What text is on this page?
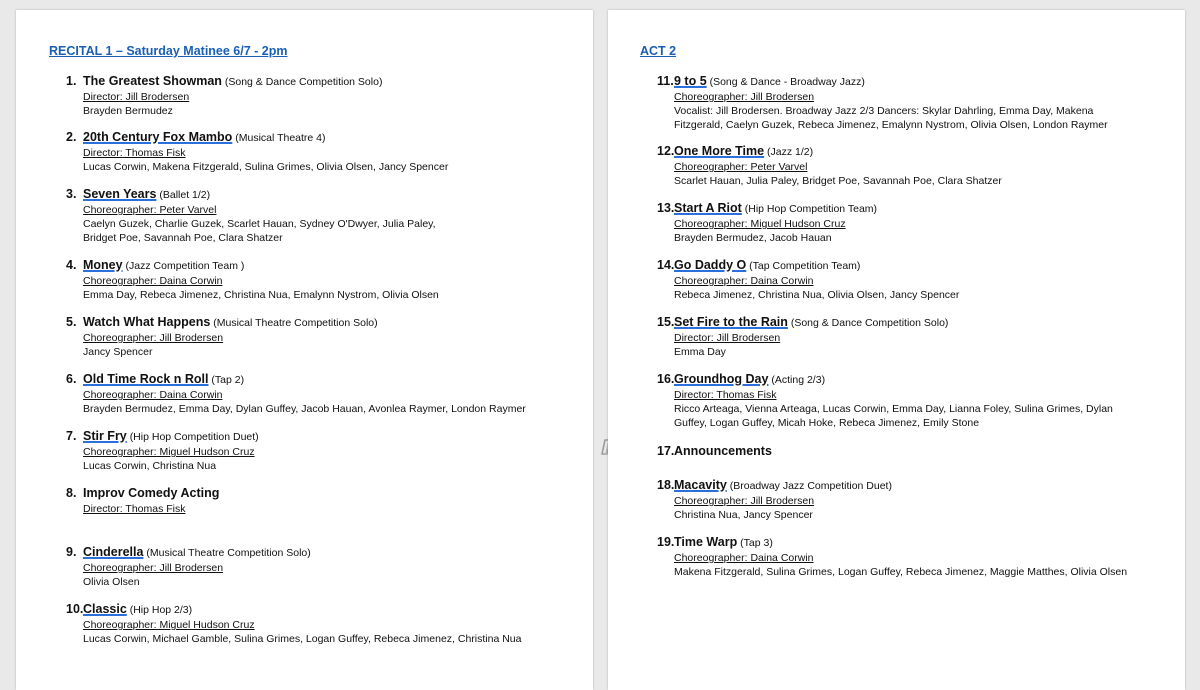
RECITAL 1 – Saturday Matinee 6/7 - 2pm
1. The Greatest Showman (Song & Dance Competition Solo)
Director: Jill Brodersen
Brayden Bermudez
2. 20th Century Fox Mambo (Musical Theatre 4)
Director: Thomas Fisk
Lucas Corwin, Makena Fitzgerald, Sulina Grimes, Olivia Olsen, Jancy Spencer
3. Seven Years (Ballet 1/2)
Choreographer: Peter Varvel
Caelyn Guzek, Charlie Guzek, Scarlet Hauan, Sydney O'Dwyer, Julia Paley,
Bridget Poe, Savannah Poe, Clara Shatzer
4. Money (Jazz Competition Team )
Choreographer: Daina Corwin
Emma Day, Rebeca Jimenez, Christina Nua, Emalynn Nystrom, Olivia Olsen
5. Watch What Happens (Musical Theatre Competition Solo)
Choreographer: Jill Brodersen
Jancy Spencer
6. Old Time Rock n Roll (Tap 2)
Choreographer: Daina Corwin
Brayden Bermudez, Emma Day, Dylan Guffey, Jacob Hauan, Avonlea Raymer, London Raymer
7. Stir Fry (Hip Hop Competition Duet)
Choreographer: Miguel Hudson Cruz
Lucas Corwin, Christina Nua
8. Improv Comedy Acting
Director: Thomas Fisk
9. Cinderella (Musical Theatre Competition Solo)
Choreographer: Jill Brodersen
Olivia Olsen
10. Classic (Hip Hop 2/3)
Choreographer: Miguel Hudson Cruz
Lucas Corwin, Michael Gamble, Sulina Grimes, Logan Guffey, Rebeca Jimenez, Christina Nua
ACT 2
11. 9 to 5 (Song & Dance - Broadway Jazz)
Choreographer: Jill Brodersen
Vocalist: Jill Brodersen. Broadway Jazz 2/3 Dancers: Skylar Dahrling, Emma Day, Makena
Fitzgerald, Caelyn Guzek, Rebeca Jimenez, Emalynn Nystrom, Olivia Olsen, London Raymer
12. One More Time (Jazz 1/2)
Choreographer: Peter Varvel
Scarlet Hauan, Julia Paley, Bridget Poe, Savannah Poe, Clara Shatzer
13. Start A Riot (Hip Hop Competition Team)
Choreographer: Miguel Hudson Cruz
Brayden Bermudez, Jacob Hauan
14. Go Daddy O (Tap Competition Team)
Choreographer: Daina Corwin
Rebeca Jimenez, Christina Nua, Olivia Olsen, Jancy Spencer
15. Set Fire to the Rain (Song & Dance Competition Solo)
Director: Jill Brodersen
Emma Day
16. Groundhog Day (Acting 2/3)
Director: Thomas Fisk
Ricco Arteaga, Vienna Arteaga, Lucas Corwin, Emma Day, Lianna Foley, Sulina Grimes, Dylan
Guffey, Logan Guffey, Micah Hoke, Rebeca Jimenez, Emily Stone
17. Announcements
18. Macavity (Broadway Jazz Competition Duet)
Choreographer: Jill Brodersen
Christina Nua, Jancy Spencer
19. Time Warp (Tap 3)
Choreographer: Daina Corwin
Makena Fitzgerald, Sulina Grimes, Logan Guffey, Rebeca Jimenez, Maggie Matthes, Olivia Olsen
